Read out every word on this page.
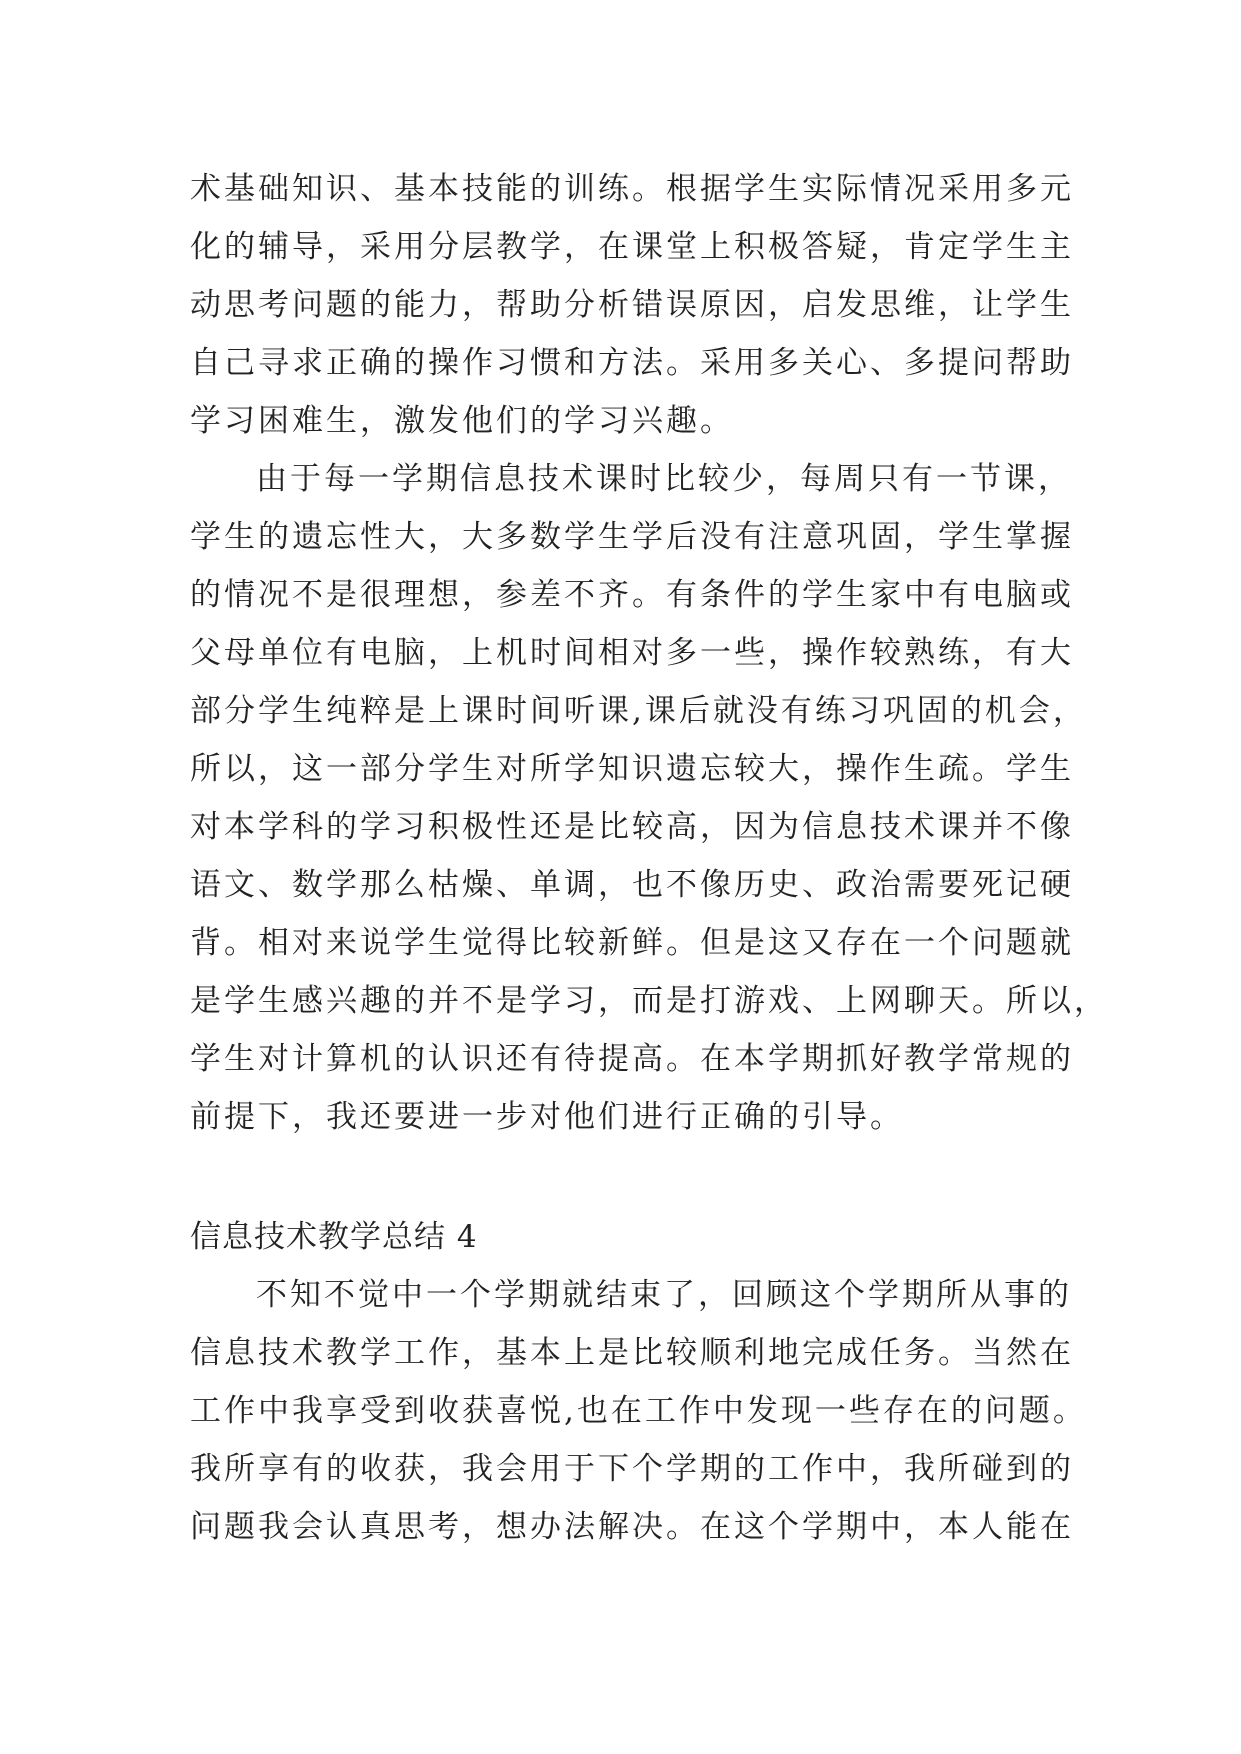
术基础知识、基本技能的训练。根据学生实际情况采用多元
化的辅导，采用分层教学，在课堂上积极答疑，肯定学生主
动思考问题的能力，帮助分析错误原因，启发思维，让学生
自己寻求正确的操作习惯和方法。采用多关心、多提问帮助
学习困难生，激发他们的学习兴趣。
由于每一学期信息技术课时比较少，每周只有一节课，
学生的遗忘性大，大多数学生学后没有注意巩固，学生掌握
的情况不是很理想，参差不齐。有条件的学生家中有电脑或
父母单位有电脑，上机时间相对多一些，操作较熟练，有大
部分学生纯粹是上课时间听课,课后就没有练习巩固的机会，
所以，这一部分学生对所学知识遗忘较大，操作生疏。学生
对本学科的学习积极性还是比较高，因为信息技术课并不像
语文、数学那么枯燥、单调，也不像历史、政治需要死记硬
背。相对来说学生觉得比较新鲜。但是这又存在一个问题就
是学生感兴趣的并不是学习，而是打游戏、上网聊天。所以，
学生对计算机的认识还有待提高。在本学期抓好教学常规的
前提下，我还要进一步对他们进行正确的引导。
信息技术教学总结 4
不知不觉中一个学期就结束了，回顾这个学期所从事的
信息技术教学工作，基本上是比较顺利地完成任务。当然在
工作中我享受到收获喜悦,也在工作中发现一些存在的问题。
我所享有的收获，我会用于下个学期的工作中，我所碰到的
问题我会认真思考，想办法解决。在这个学期中，本人能在
